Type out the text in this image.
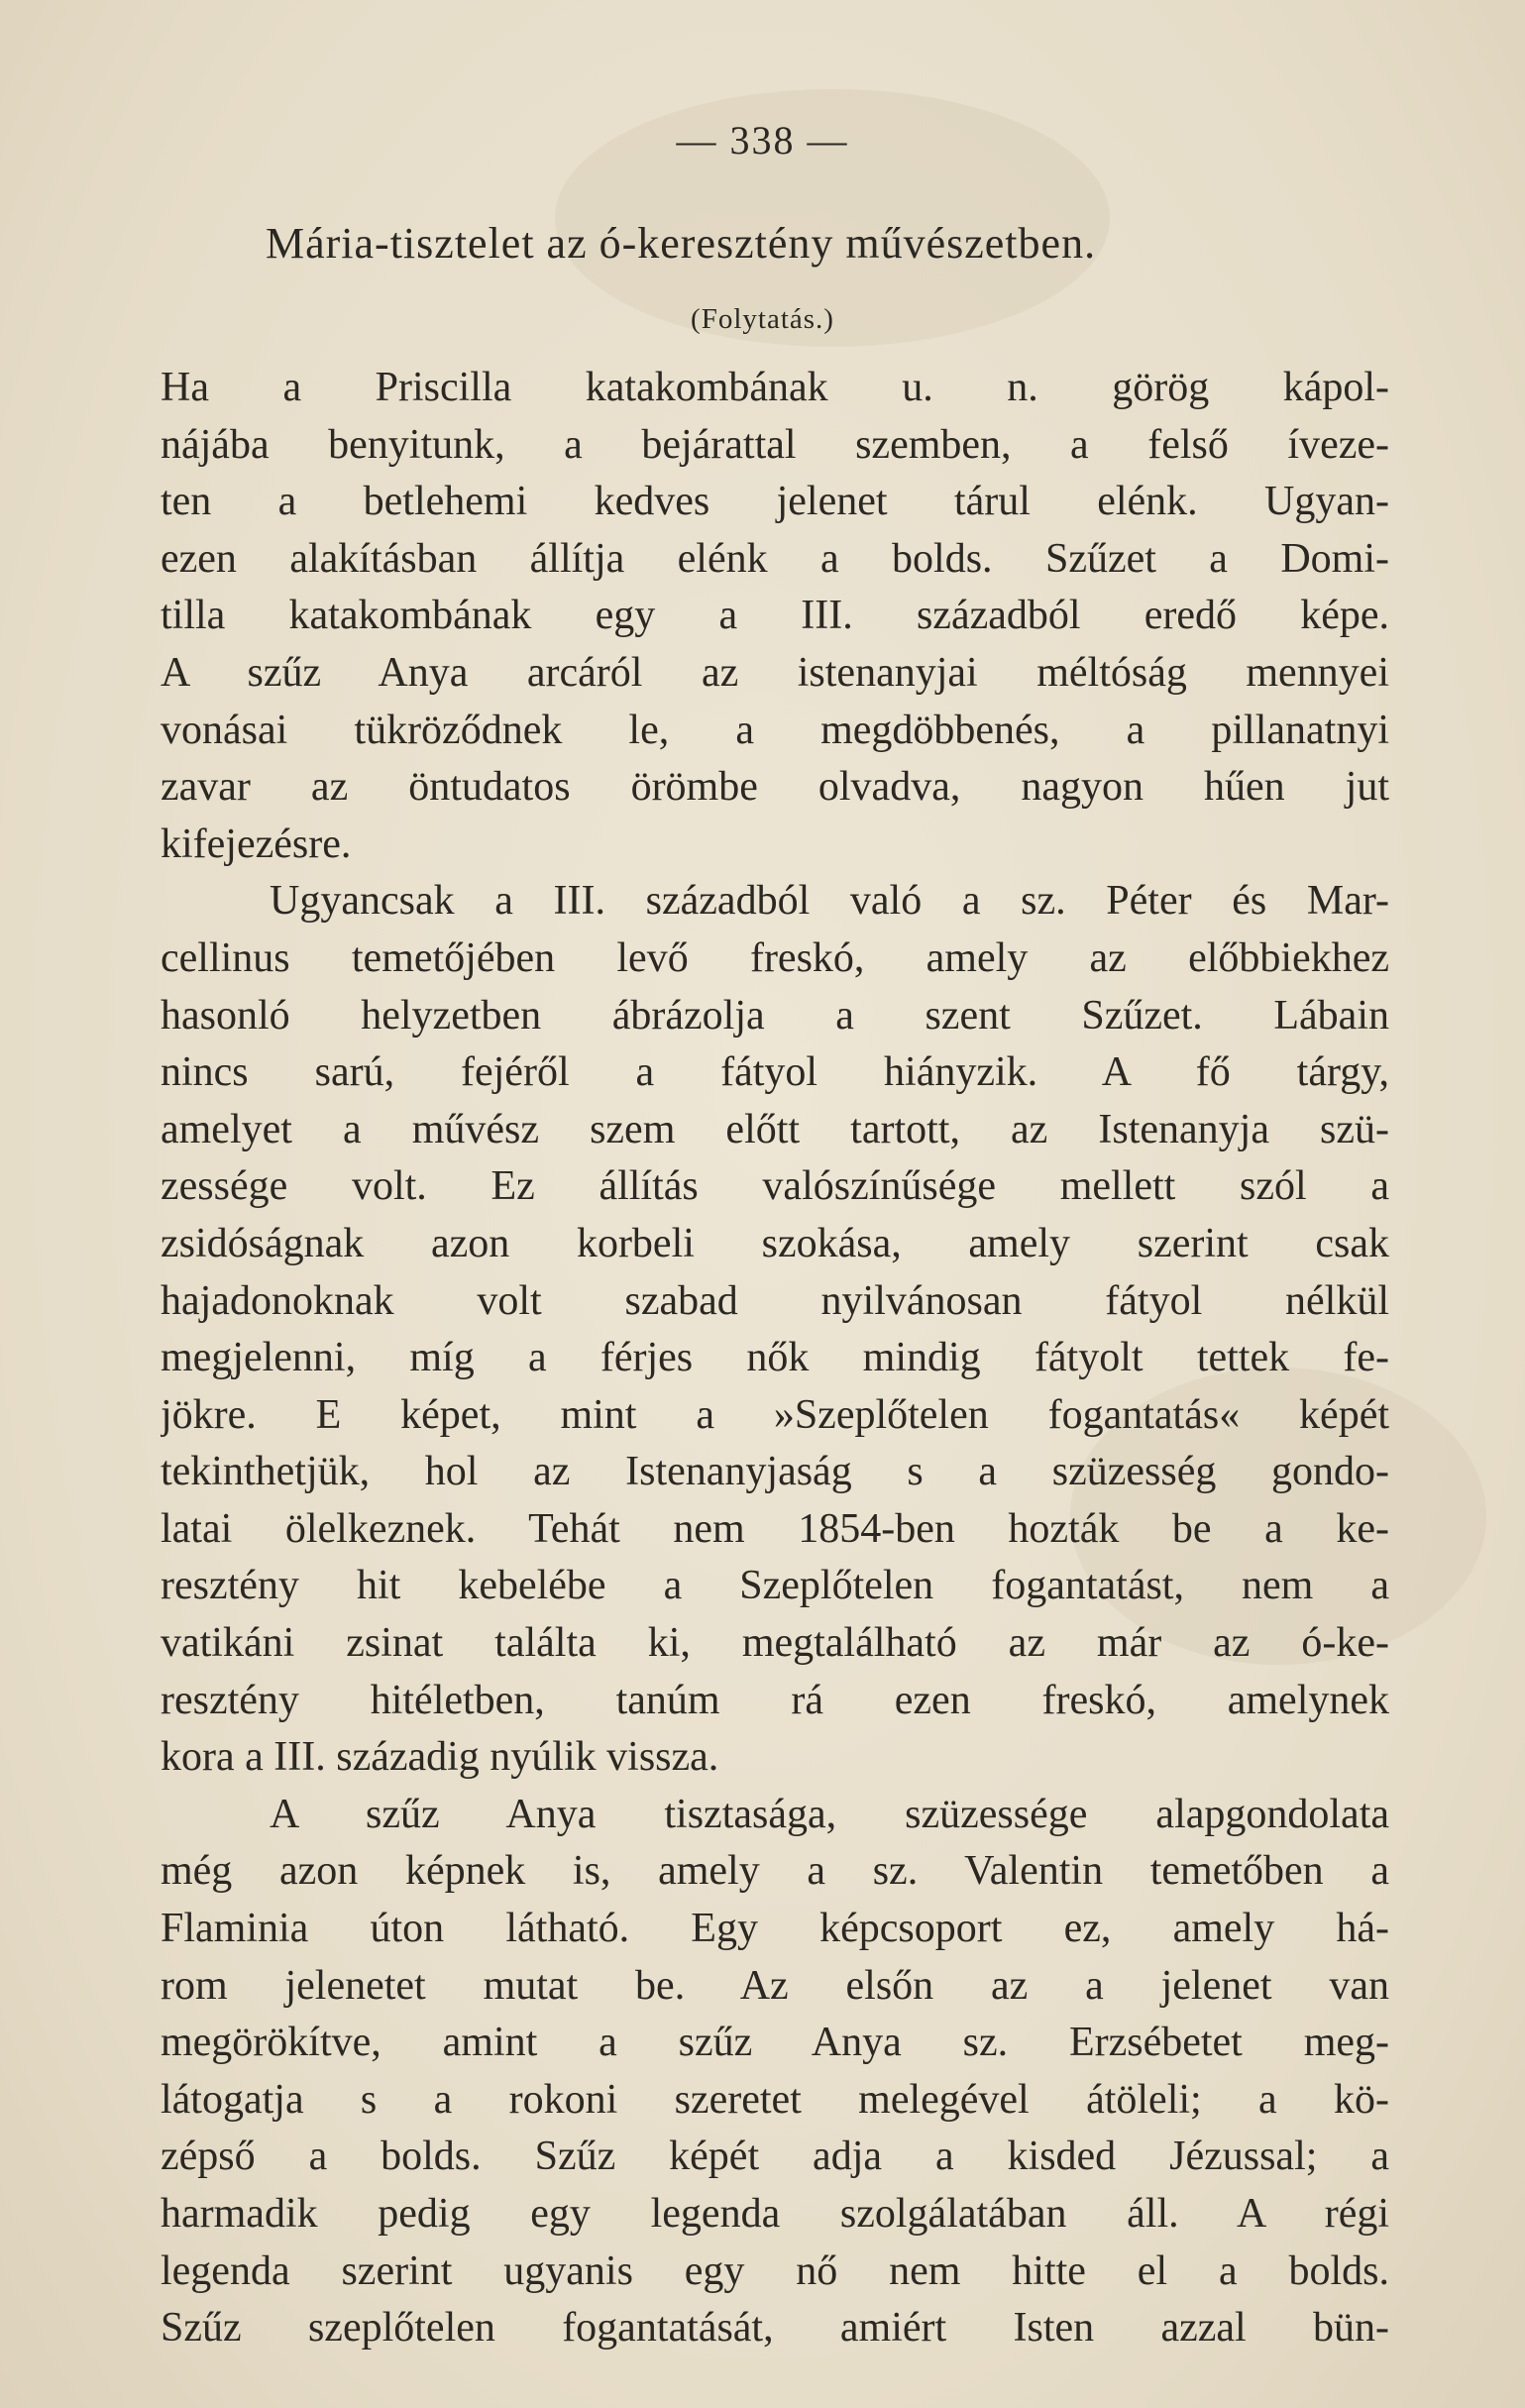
— 338 —
Mária-tisztelet az ó-keresztény művészetben.
(Folytatás.)
Ha a Priscilla katakombának u. n. görög kápol-
nájába benyitunk, a bejárattal szemben, a felső íveze-
ten a betlehemi kedves jelenet tárul elénk. Ugyan-
ezen alakításban állítja elénk a bolds. Szűzet a Domi-
tilla katakombának egy a III. századból eredő képe.
A szűz Anya arcáról az istenanyjai méltóság mennyei
vonásai tükröződnek le, a megdöbbenés, a pillanatnyi
zavar az öntudatos örömbe olvadva, nagyon hűen jut
kifejezésre.
Ugyancsak a III. századból való a sz. Péter és Mar-
cellinus temetőjében levő freskó, amely az előbbiekhez
hasonló helyzetben ábrázolja a szent Szűzet. Lábain
nincs sarú, fejéről a fátyol hiányzik. A fő tárgy,
amelyet a művész szem előtt tartott, az Istenanyja szü-
zessége volt. Ez állítás valószínűsége mellett szól a
zsidóságnak azon korbeli szokása, amely szerint csak
hajadonoknak volt szabad nyilvánosan fátyol nélkül
megjelenni, míg a férjes nők mindig fátyolt tettek fe-
jökre. E képet, mint a »Szeplőtelen fogantatás« képét
tekinthetjük, hol az Istenanyjaság s a szüzesség gondo-
latai ölelkeznek. Tehát nem 1854-ben hozták be a ke-
resztény hit kebelébe a Szeplőtelen fogantatást, nem a
vatikáni zsinat találta ki, megtalálható az már az ó-ke-
resztény hitéletben, tanúm rá ezen freskó, amelynek
kora a III. századig nyúlik vissza.
A szűz Anya tisztasága, szüzessége alapgondolata
még azon képnek is, amely a sz. Valentin temetőben a
Flaminia úton látható. Egy képcsoport ez, amely há-
rom jelenetet mutat be. Az elsőn az a jelenet van
megörökítve, amint a szűz Anya sz. Erzsébetet meg-
látogatja s a rokoni szeretet melegével átöleli; a kö-
zépső a bolds. Szűz képét adja a kisded Jézussal; a
harmadik pedig egy legenda szolgálatában áll. A régi
legenda szerint ugyanis egy nő nem hitte el a bolds.
Szűz szeplőtelen fogantatását, amiért Isten azzal bün-
